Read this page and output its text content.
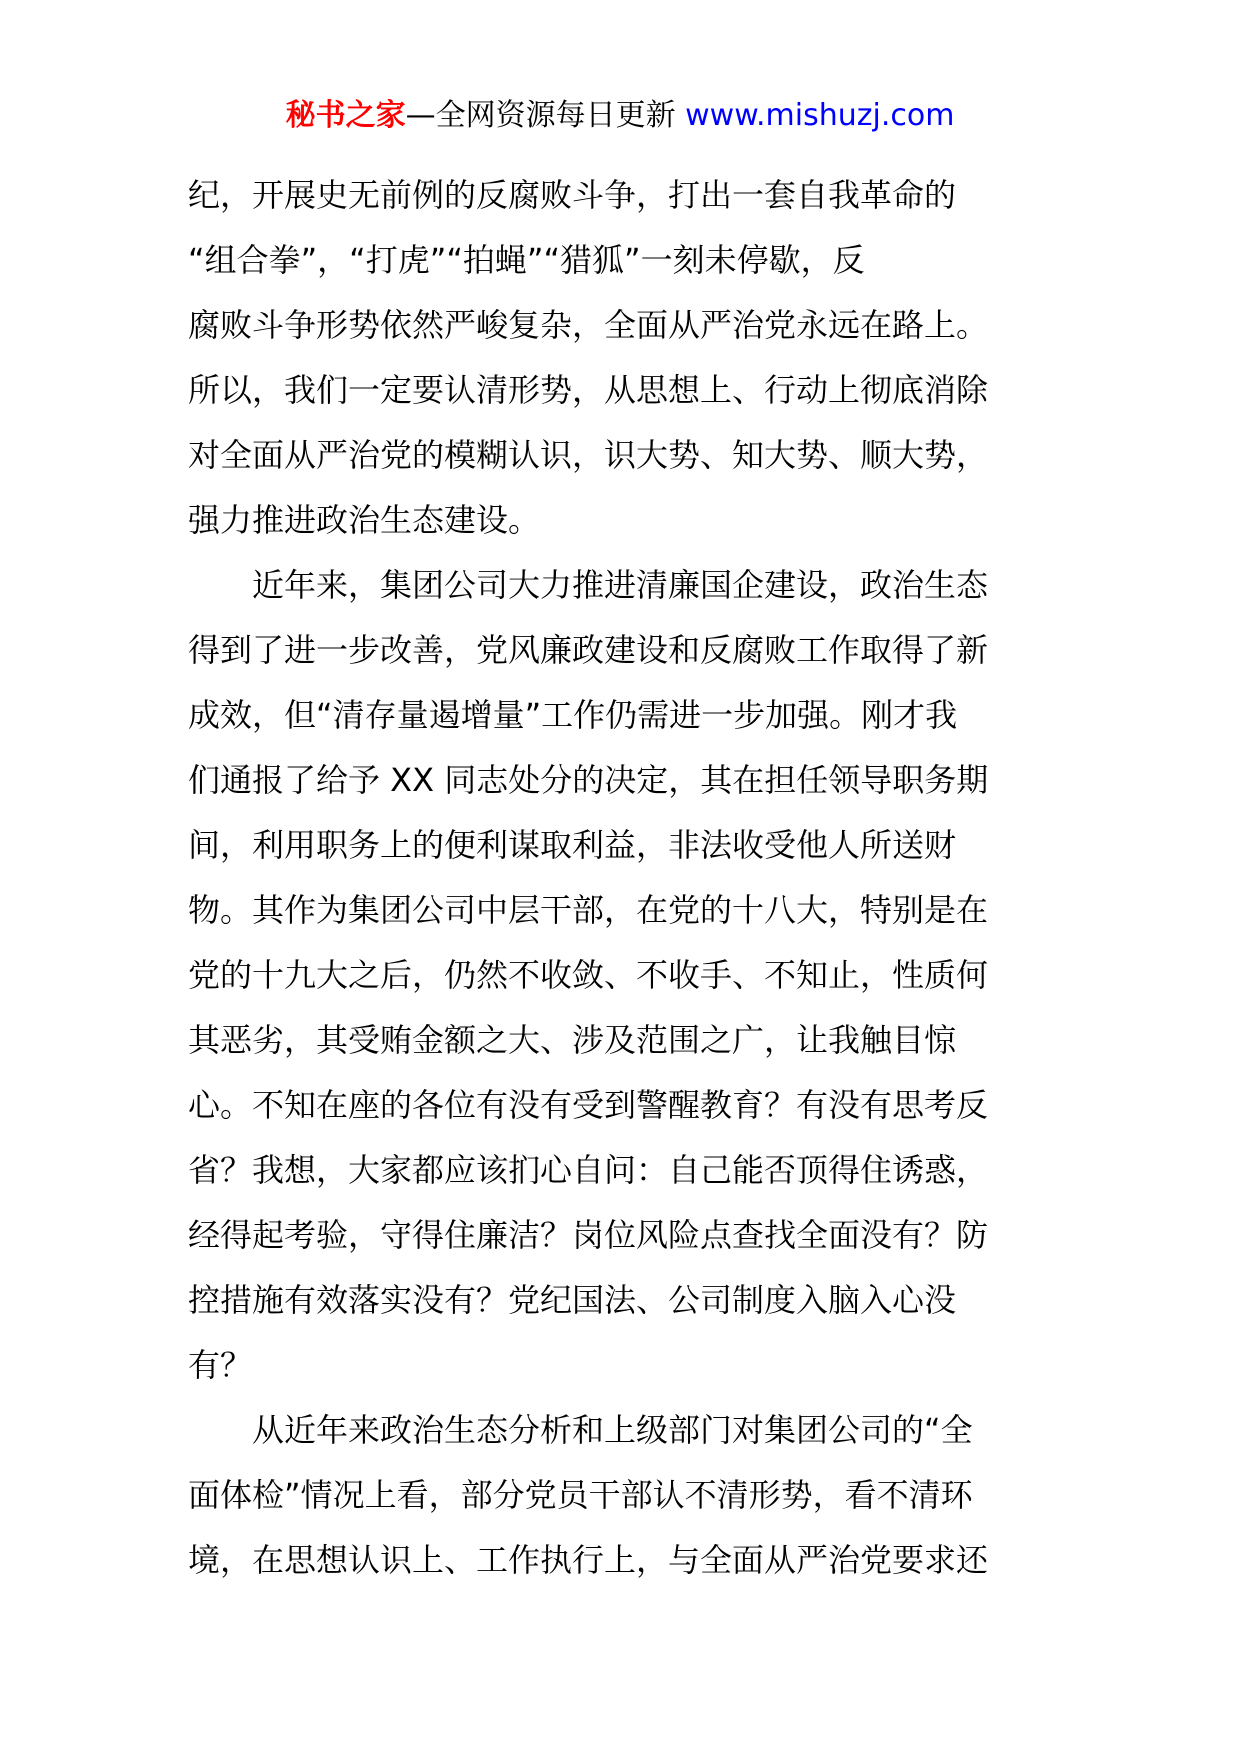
秘书之家—全网资源每日更新 www.mishuzj.com
纪，开展史无前例的反腐败斗争，打出一套自我革命的
“组合拳”，“打虎”“拍蝇”“猎狐”一刻未停歇，反
腐败斗争形势依然严峻复杂，全面从严治党永远在路上。
所以，我们一定要认清形势，从思想上、行动上彻底消除
对全面从严治党的模糊认识，识大势、知大势、顺大势，
强力推进政治生态建设。
　　近年来，集团公司大力推进清廉国企建设，政治生态
得到了进一步改善，党风廉政建设和反腐败工作取得了新
成效，但“清存量遏增量”工作仍需进一步加强。刚才我
们通报了给予 XX 同志处分的决定，其在担任领导职务期
间，利用职务上的便利谋取利益，非法收受他人所送财
物。其作为集团公司中层干部，在党的十八大，特别是在
党的十九大之后，仍然不收敛、不收手、不知止，性质何
其恶劣，其受贿金额之大、涉及范围之广，让我触目惊
心。不知在座的各位有没有受到警醒教育？有没有思考反
省？我想，大家都应该扪心自问：自己能否顶得住诱惑，
经得起考验，守得住廉洁？岗位风险点查找全面没有？防
控措施有效落实没有？党纪国法、公司制度入脑入心没
有？
　　从近年来政治生态分析和上级部门对集团公司的“全
面体检”情况上看，部分党员干部认不清形势，看不清环
境，在思想认识上、工作执行上，与全面从严治党要求还
